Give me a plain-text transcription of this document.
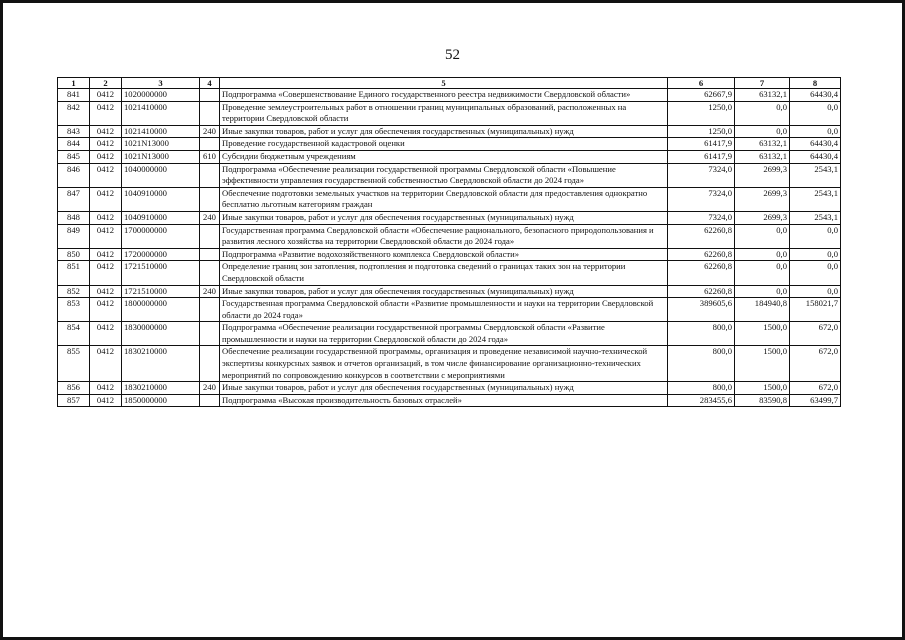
52
1	2	3	4	5	6	7	8
841	0412	1020000000		Подпрограмма «Совершенствование Единого государственного реестра недвижимости Свердловской области»	62667,9	63132,1	64430,4
842	0412	1021410000		Проведение землеустроительных работ в отношении границ муниципальных образований, расположенных на территории Свердловской области	1250,0	0,0	0,0
843	0412	1021410000	240	Иные закупки товаров, работ и услуг для обеспечения государственных (муниципальных) нужд	1250,0	0,0	0,0
844	0412	1021N13000		Проведение государственной кадастровой оценки	61417,9	63132,1	64430,4
845	0412	1021N13000	610	Субсидии бюджетным учреждениям	61417,9	63132,1	64430,4
846	0412	1040000000		Подпрограмма «Обеспечение реализации государственной программы Свердловской области «Повышение эффективности управления государственной собственностью Свердловской области до 2024 года»	7324,0	2699,3	2543,1
847	0412	1040910000		Обеспечение подготовки земельных участков на территории Свердловской области для предоставления однократно бесплатно льготным категориям граждан	7324,0	2699,3	2543,1
848	0412	1040910000	240	Иные закупки товаров, работ и услуг для обеспечения государственных (муниципальных) нужд	7324,0	2699,3	2543,1
849	0412	1700000000		Государственная программа Свердловской области «Обеспечение рационального, безопасного природопользования и развития лесного хозяйства на территории Свердловской области до 2024 года»	62260,8	0,0	0,0
850	0412	1720000000		Подпрограмма «Развитие водохозяйственного комплекса Свердловской области»	62260,8	0,0	0,0
851	0412	1721510000		Определение границ зон затопления, подтопления и подготовка сведений о границах таких зон на территории Свердловской области	62260,8	0,0	0,0
852	0412	1721510000	240	Иные закупки товаров, работ и услуг для обеспечения государственных (муниципальных) нужд	62260,8	0,0	0,0
853	0412	1800000000		Государственная программа Свердловской области «Развитие промышленности и науки на территории Свердловской области до 2024 года»	389605,6	184940,8	158021,7
854	0412	1830000000		Подпрограмма «Обеспечение реализации государственной программы Свердловской области «Развитие промышленности и науки на территории Свердловской области до 2024 года»	800,0	1500,0	672,0
855	0412	1830210000		Обеспечение реализации государственной программы, организация и проведение независимой научно-технической экспертизы конкурсных заявок и отчетов организаций, в том числе финансирование организационно-технических мероприятий по сопровождению конкурсов в соответствии с мероприятиями	800,0	1500,0	672,0
856	0412	1830210000	240	Иные закупки товаров, работ и услуг для обеспечения государственных (муниципальных) нужд	800,0	1500,0	672,0
857	0412	1850000000		Подпрограмма «Высокая производительность базовых отраслей»	283455,6	83590,8	63499,7
